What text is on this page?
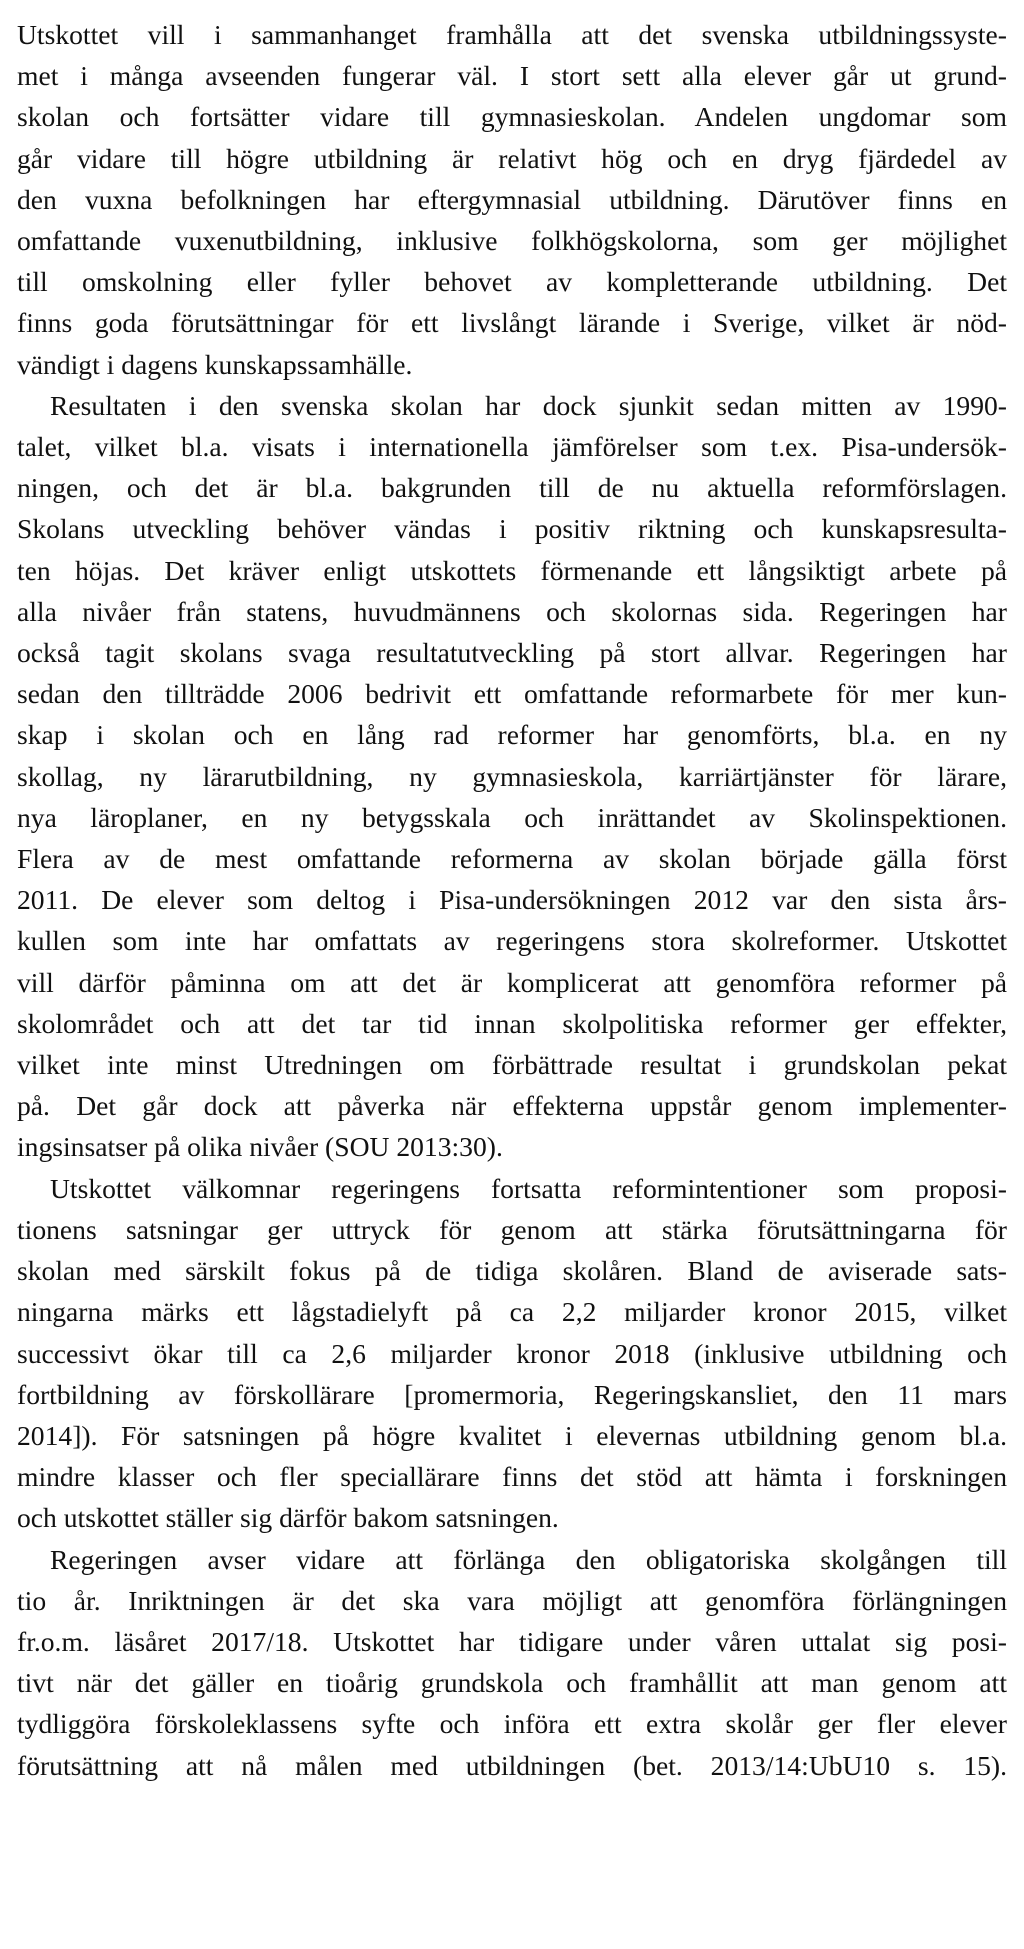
Utskottet vill i sammanhanget framhålla att det svenska utbildningssyste-
met i många avseenden fungerar väl. I stort sett alla elever går ut grund-
skolan och fortsätter vidare till gymnasieskolan. Andelen ungdomar som
går vidare till högre utbildning är relativt hög och en dryg fjärdedel av
den vuxna befolkningen har eftergymnasial utbildning. Därutöver finns en
omfattande vuxenutbildning, inklusive folkhögskolorna, som ger möjlighet
till omskolning eller fyller behovet av kompletterande utbildning. Det
finns goda förutsättningar för ett livslångt lärande i Sverige, vilket är nöd-
vändigt i dagens kunskapssamhälle.
Resultaten i den svenska skolan har dock sjunkit sedan mitten av 1990-
talet, vilket bl.a. visats i internationella jämförelser som t.ex. Pisa-undersök-
ningen, och det är bl.a. bakgrunden till de nu aktuella reformförslagen.
Skolans utveckling behöver vändas i positiv riktning och kunskapsresulta-
ten höjas. Det kräver enligt utskottets förmenande ett långsiktigt arbete på
alla nivåer från statens, huvudmännens och skolornas sida. Regeringen har
också tagit skolans svaga resultatutveckling på stort allvar. Regeringen har
sedan den tillträdde 2006 bedrivit ett omfattande reformarbete för mer kun-
skap i skolan och en lång rad reformer har genomförts, bl.a. en ny
skollag, ny lärarutbildning, ny gymnasieskola, karriärtjänster för lärare,
nya läroplaner, en ny betygsskala och inrättandet av Skolinspektionen.
Flera av de mest omfattande reformerna av skolan började gälla först
2011. De elever som deltog i Pisa-undersökningen 2012 var den sista års-
kullen som inte har omfattats av regeringens stora skolreformer. Utskottet
vill därför påminna om att det är komplicerat att genomföra reformer på
skolområdet och att det tar tid innan skolpolitiska reformer ger effekter,
vilket inte minst Utredningen om förbättrade resultat i grundskolan pekat
på. Det går dock att påverka när effekterna uppstår genom implementer-
ingsinsatser på olika nivåer (SOU 2013:30).
Utskottet välkomnar regeringens fortsatta reformintentioner som proposi-
tionens satsningar ger uttryck för genom att stärka förutsättningarna för
skolan med särskilt fokus på de tidiga skolåren. Bland de aviserade sats-
ningarna märks ett lågstadielyft på ca 2,2 miljarder kronor 2015, vilket
successivt ökar till ca 2,6 miljarder kronor 2018 (inklusive utbildning och
fortbildning av förskollärare [promermoria, Regeringskansliet, den 11 mars
2014]). För satsningen på högre kvalitet i elevernas utbildning genom bl.a.
mindre klasser och fler speciallärare finns det stöd att hämta i forskningen
och utskottet ställer sig därför bakom satsningen.
Regeringen avser vidare att förlänga den obligatoriska skolgången till
tio år. Inriktningen är det ska vara möjligt att genomföra förlängningen
fr.o.m. läsåret 2017/18. Utskottet har tidigare under våren uttalat sig posi-
tivt när det gäller en tioårig grundskola och framhållit att man genom att
tydliggöra förskoleklassens syfte och införa ett extra skolår ger fler elever
förutsättning att nå målen med utbildningen (bet. 2013/14:UbU10 s. 15).
